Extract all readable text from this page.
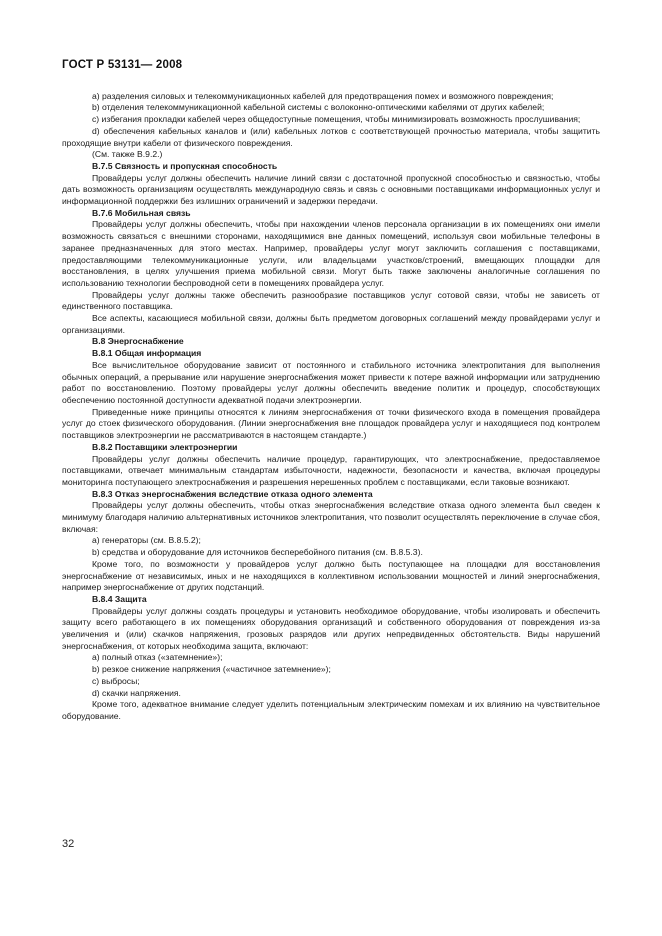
ГОСТ Р 53131— 2008

a) разделения силовых и телекоммуникационных кабелей для предотвращения помех и возможного повреждения;

b) отделения телекоммуникационной кабельной системы с волоконно-оптическими кабелями от других кабелей;

c) избегания прокладки кабелей через общедоступные помещения, чтобы минимизировать возможность прослушивания;

d) обеспечения кабельных каналов и (или) кабельных лотков с соответствующей прочностью материала, чтобы защитить проходящие внутри кабели от физического повреждения.

(См. также B.9.2.)

B.7.5 Связность и пропускная способность

Провайдеры услуг должны обеспечить наличие линий связи с достаточной пропускной способностью и связностью, чтобы дать возможность организациям осуществлять международную связь и связь с основными поставщиками информационных услуг и информационной поддержки без излишних ограничений и задержки передачи.

B.7.6 Мобильная связь

Провайдеры услуг должны обеспечить, чтобы при нахождении членов персонала организации в их помещениях они имели возможность связаться с внешними сторонами, находящимися вне данных помещений, используя свои мобильные телефоны в заранее предназначенных для этого местах. Например, провайдеры услуг могут заключить соглашения с поставщиками, предоставляющими телекоммуникационные услуги, или владельцами участков/строений, вмещающих площадки для восстановления, в целях улучшения приема мобильной связи. Могут быть также заключены аналогичные соглашения по использованию технологии беспроводной сети в помещениях провайдера услуг.

Провайдеры услуг должны также обеспечить разнообразие поставщиков услуг сотовой связи, чтобы не зависеть от единственного поставщика.

Все аспекты, касающиеся мобильной связи, должны быть предметом договорных соглашений между провайдерами услуг и организациями.

B.8 Энергоснабжение

B.8.1 Общая информация

Все вычислительное оборудование зависит от постоянного и стабильного источника электропитания для выполнения обычных операций, а прерывание или нарушение энергоснабжения может привести к потере важной информации или затруднению работ по восстановлению. Поэтому провайдеры услуг должны обеспечить введение политик и процедур, способствующих обеспечению постоянной доступности адекватной подачи электроэнергии.

Приведенные ниже принципы относятся к линиям энергоснабжения от точки физического входа в помещения провайдера услуг до стоек физического оборудования. (Линии энергоснабжения вне площадок провайдера услуг и находящиеся под контролем поставщиков электроэнергии не рассматриваются в настоящем стандарте.)

B.8.2 Поставщики электроэнергии

Провайдеры услуг должны обеспечить наличие процедур, гарантирующих, что электроснабжение, предоставляемое поставщиками, отвечает минимальным стандартам избыточности, надежности, безопасности и качества, включая процедуры мониторинга поступающего электроснабжения и разрешения нерешенных проблем с поставщиками, если таковые возникают.

B.8.3 Отказ энергоснабжения вследствие отказа одного элемента

Провайдеры услуг должны обеспечить, чтобы отказ энергоснабжения вследствие отказа одного элемента был сведен к минимуму благодаря наличию альтернативных источников электропитания, что позволит осуществлять переключение в случае сбоя, включая:

a) генераторы (см. B.8.5.2);

b) средства и оборудование для источников бесперебойного питания (см. B.8.5.3).

Кроме того, по возможности у провайдеров услуг должно быть поступающее на площадки для восстановления энергоснабжение от независимых, иных и не находящихся в коллективном использовании мощностей и линий энергоснабжения, например энергоснабжение от других подстанций.

B.8.4 Защита

Провайдеры услуг должны создать процедуры и установить необходимое оборудование, чтобы изолировать и обеспечить защиту всего работающего в их помещениях оборудования организаций и собственного оборудования от повреждения из-за увеличения и (или) скачков напряжения, грозовых разрядов или других непредвиденных обстоятельств. Виды нарушений энергоснабжения, от которых необходима защита, включают:

a) полный отказ («затемнение»);

b) резкое снижение напряжения («частичное затемнение»);

c) выбросы;

d) скачки напряжения.

Кроме того, адекватное внимание следует уделить потенциальным электрическим помехам и их влиянию на чувствительное оборудование.

32
